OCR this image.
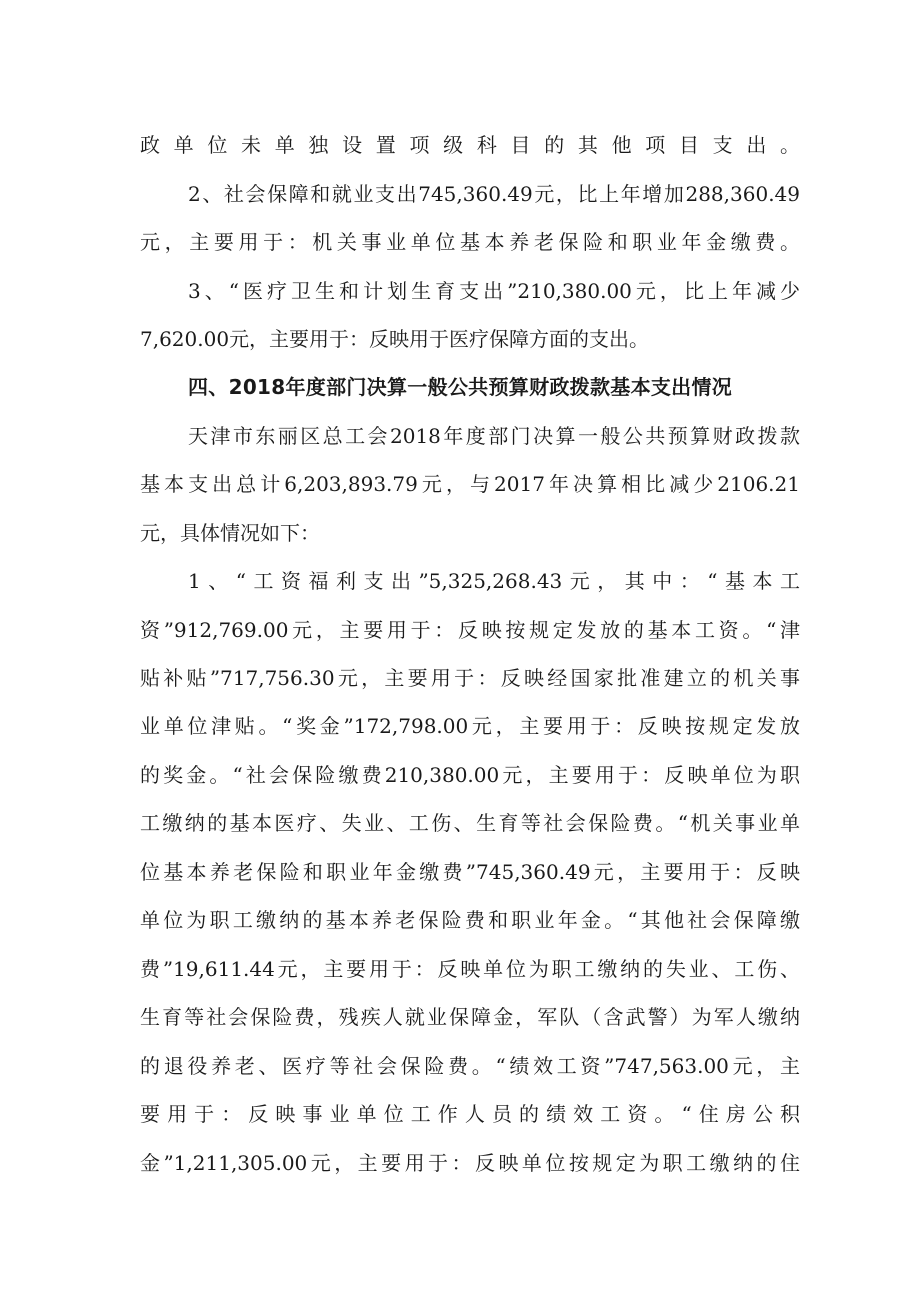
政单位未单独设置项级科目的其他项目支出。
2、社会保障和就业支出745,360.49元，比上年增加288,360.49
元，主要用于：机关事业单位基本养老保险和职业年金缴费。
3、“医疗卫生和计划生育支出”210,380.00元，比上年减少
7,620.00元，主要用于：反映用于医疗保障方面的支出。
四、2018年度部门决算一般公共预算财政拨款基本支出情况
天津市东丽区总工会2018年度部门决算一般公共预算财政拨款
基本支出总计6,203,893.79元，与2017年决算相比减少2106.21
元，具体情况如下：
1、“工资福利支出”5,325,268.43元，其中：“基本工
资”912,769.00元，主要用于：反映按规定发放的基本工资。“津
贴补贴”717,756.30元，主要用于：反映经国家批准建立的机关事
业单位津贴。“奖金”172,798.00元，主要用于：反映按规定发放
的奖金。“社会保险缴费210,380.00元，主要用于：反映单位为职
工缴纳的基本医疗、失业、工伤、生育等社会保险费。“机关事业单
位基本养老保险和职业年金缴费”745,360.49元，主要用于：反映
单位为职工缴纳的基本养老保险费和职业年金。“其他社会保障缴
费”19,611.44元，主要用于：反映单位为职工缴纳的失业、工伤、
生育等社会保险费，残疾人就业保障金，军队（含武警）为军人缴纳
的退役养老、医疗等社会保险费。“绩效工资”747,563.00元，主
要用于：反映事业单位工作人员的绩效工资。“住房公积
金”1,211,305.00元，主要用于：反映单位按规定为职工缴纳的住
